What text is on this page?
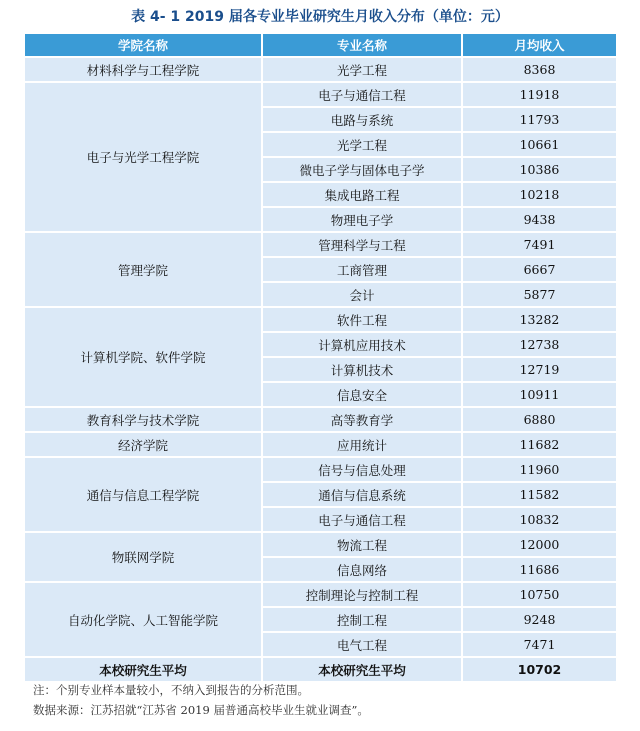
表 4- 1 2019 届各专业毕业研究生月收入分布（单位：元）
学院名称	专业名称	月均收入
材料科学与工程学院	光学工程	8368
电子与光学工程学院	电子与通信工程	11918
	电路与系统	11793
	光学工程	10661
	微电子学与固体电子学	10386
	集成电路工程	10218
	物理电子学	9438
管理学院	管理科学与工程	7491
	工商管理	6667
	会计	5877
计算机学院、软件学院	软件工程	13282
	计算机应用技术	12738
	计算机技术	12719
	信息安全	10911
教育科学与技术学院	高等教育学	6880
经济学院	应用统计	11682
通信与信息工程学院	信号与信息处理	11960
	通信与信息系统	11582
	电子与通信工程	10832
物联网学院	物流工程	12000
	信息网络	11686
自动化学院、人工智能学院	控制理论与控制工程	10750
	控制工程	9248
	电气工程	7471
本校研究生平均	本校研究生平均	10702
注：个别专业样本量较小，不纳入到报告的分析范围。
数据来源：江苏招就“江苏省 2019 届普通高校毕业生就业调查”。
